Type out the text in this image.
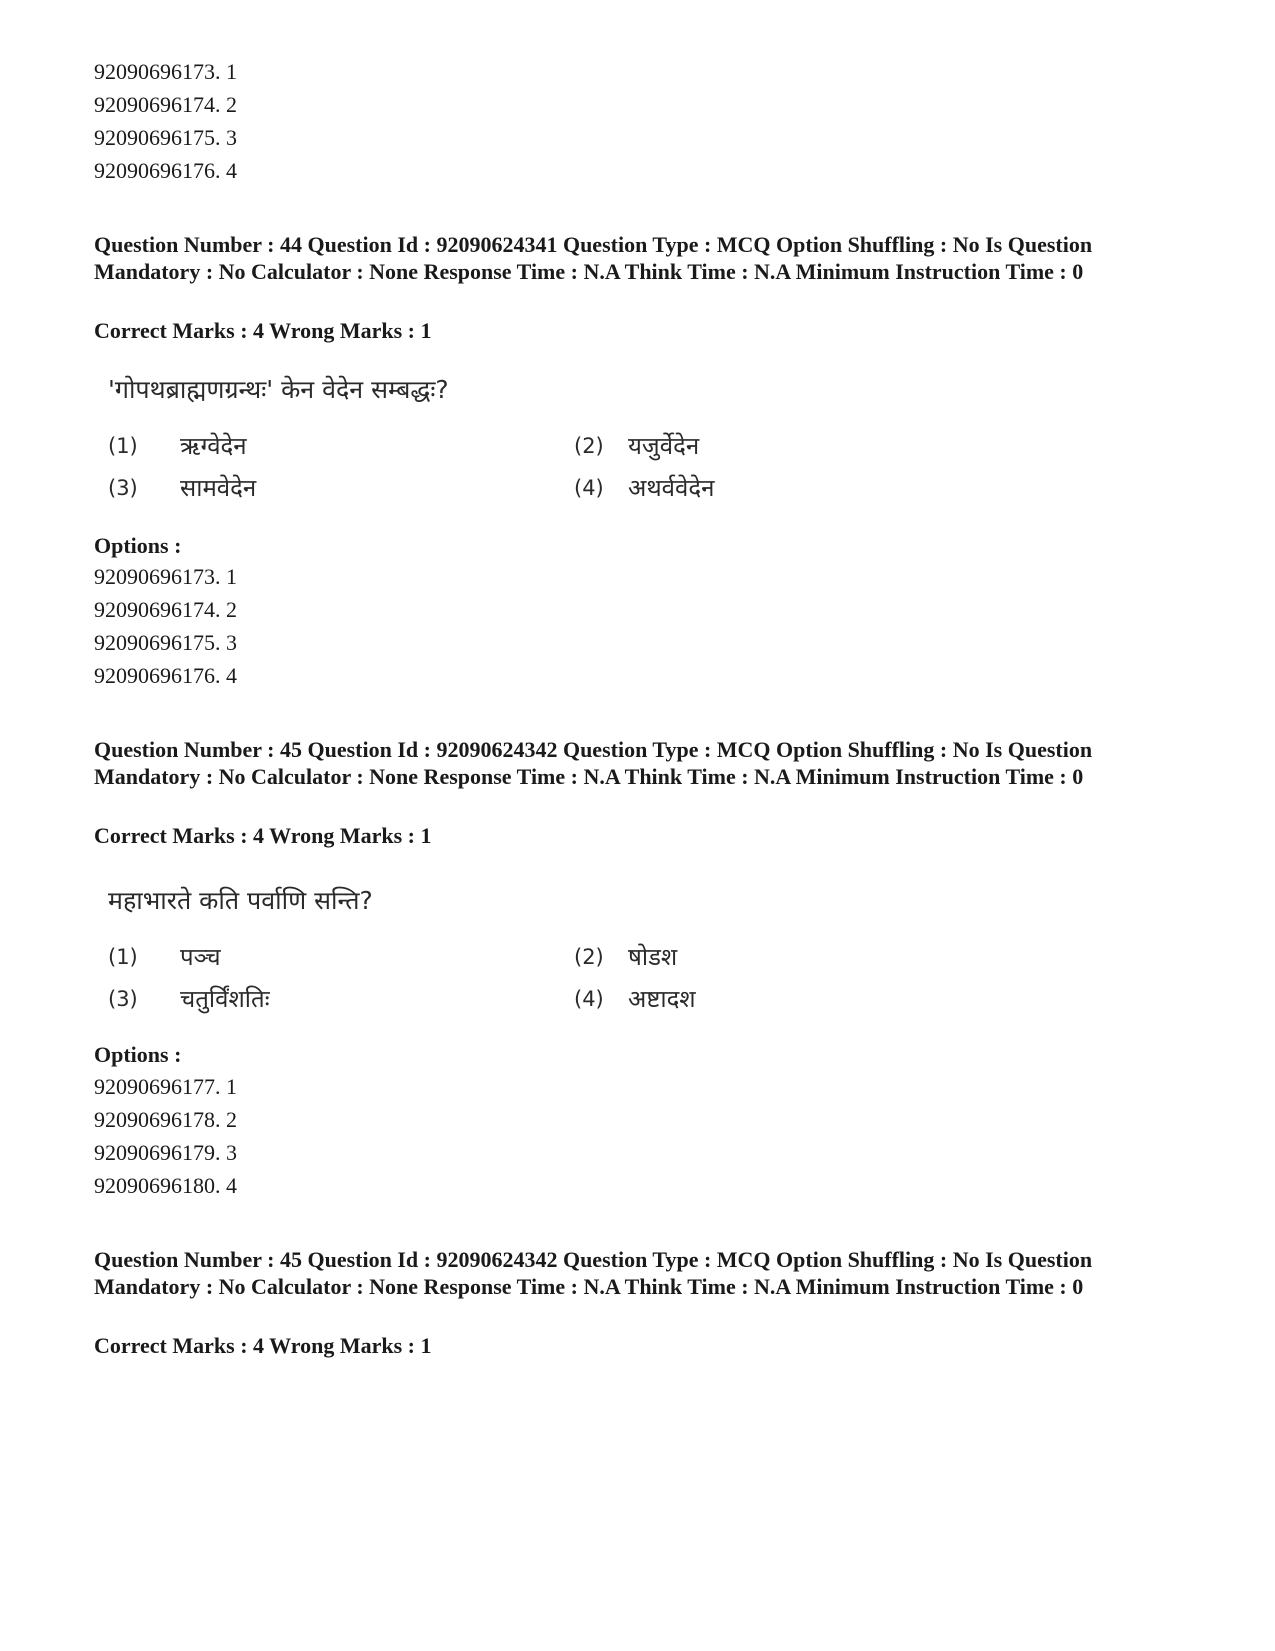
92090696173. 1
92090696174. 2
92090696175. 3
92090696176. 4
Question Number : 44 Question Id : 92090624341 Question Type : MCQ Option Shuffling : No Is Question Mandatory : No Calculator : None Response Time : N.A Think Time : N.A Minimum Instruction Time : 0
Correct Marks : 4 Wrong Marks : 1
'गोपथब्राह्मणग्रन्थः' केन वेदेन सम्बद्धः?
(1)	ऋग्वेदेन	(2)	यजुर्वेदेन
(3)	सामवेदेन	(4)	अथर्ववेदेन
Options :
92090696173. 1
92090696174. 2
92090696175. 3
92090696176. 4
Question Number : 45 Question Id : 92090624342 Question Type : MCQ Option Shuffling : No Is Question Mandatory : No Calculator : None Response Time : N.A Think Time : N.A Minimum Instruction Time : 0
Correct Marks : 4 Wrong Marks : 1
महाभारते कति पर्वाणि सन्ति?
(1)	पञ्च	(2)	षोडश
(3)	चतुर्विंशतिः	(4)	अष्टादश
Options :
92090696177. 1
92090696178. 2
92090696179. 3
92090696180. 4
Question Number : 45 Question Id : 92090624342 Question Type : MCQ Option Shuffling : No Is Question Mandatory : No Calculator : None Response Time : N.A Think Time : N.A Minimum Instruction Time : 0
Correct Marks : 4 Wrong Marks : 1
